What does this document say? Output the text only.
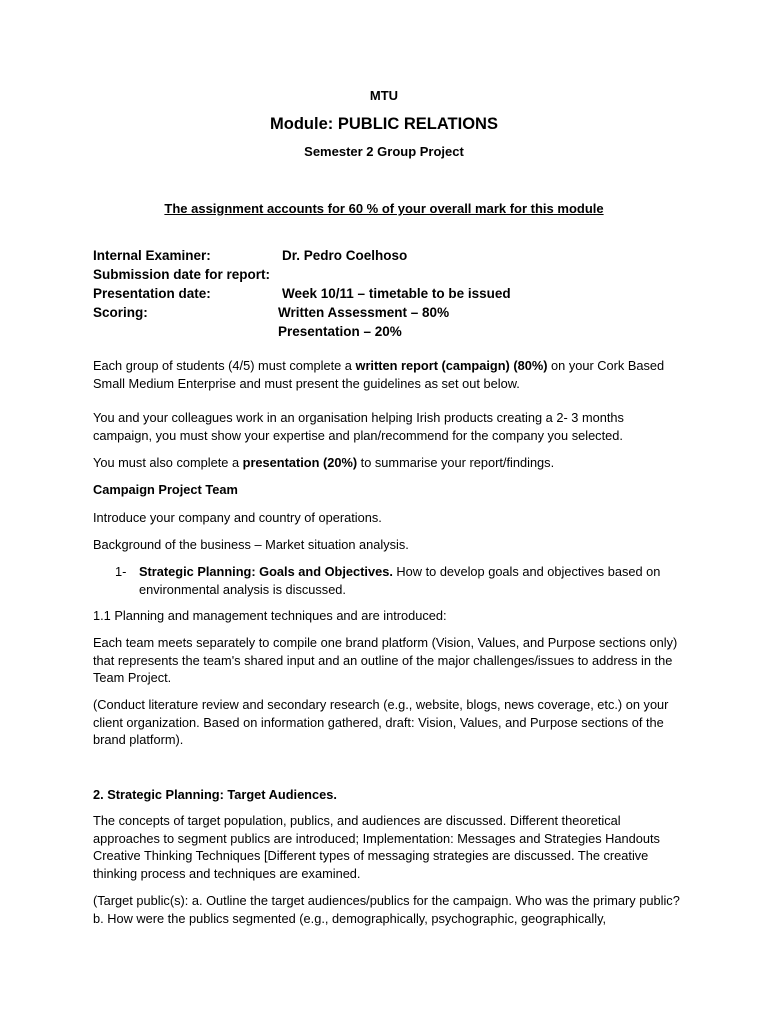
MTU
Module: PUBLIC RELATIONS
Semester 2 Group Project
The assignment accounts for 60 % of your overall mark for this module
Internal Examiner:	Dr. Pedro Coelhoso
Submission date for report:
Presentation date:	Week 10/11 – timetable to be issued
Scoring:	Written Assessment – 80%
Presentation – 20%

Each group of students (4/5) must complete a written report (campaign) (80%) on your Cork Based Small Medium Enterprise and must present the guidelines as set out below.

You and your colleagues work in an organisation helping Irish products creating a 2- 3 months campaign, you must show your expertise and plan/recommend for the company you selected.

You must also complete a presentation (20%) to summarise your report/findings.

Campaign Project Team
Introduce your company and country of operations.
Background of the business – Market situation analysis.
1- Strategic Planning: Goals and Objectives. How to develop goals and objectives based on environmental analysis is discussed.
1.1 Planning and management techniques and are introduced:
Each team meets separately to compile one brand platform (Vision, Values, and Purpose sections only) that represents the team's shared input and an outline of the major challenges/issues to address in the Team Project.
(Conduct literature review and secondary research (e.g., website, blogs, news coverage, etc.) on your client organization. Based on information gathered, draft: Vision, Values, and Purpose sections of the brand platform).
2. Strategic Planning: Target Audiences.
The concepts of target population, publics, and audiences are discussed. Different theoretical approaches to segment publics are introduced; Implementation: Messages and Strategies Handouts Creative Thinking Techniques [Different types of messaging strategies are discussed. The creative thinking process and techniques are examined.
(Target public(s): a. Outline the target audiences/publics for the campaign. Who was the primary public? b. How were the publics segmented (e.g., demographically, psychographic, geographically,
